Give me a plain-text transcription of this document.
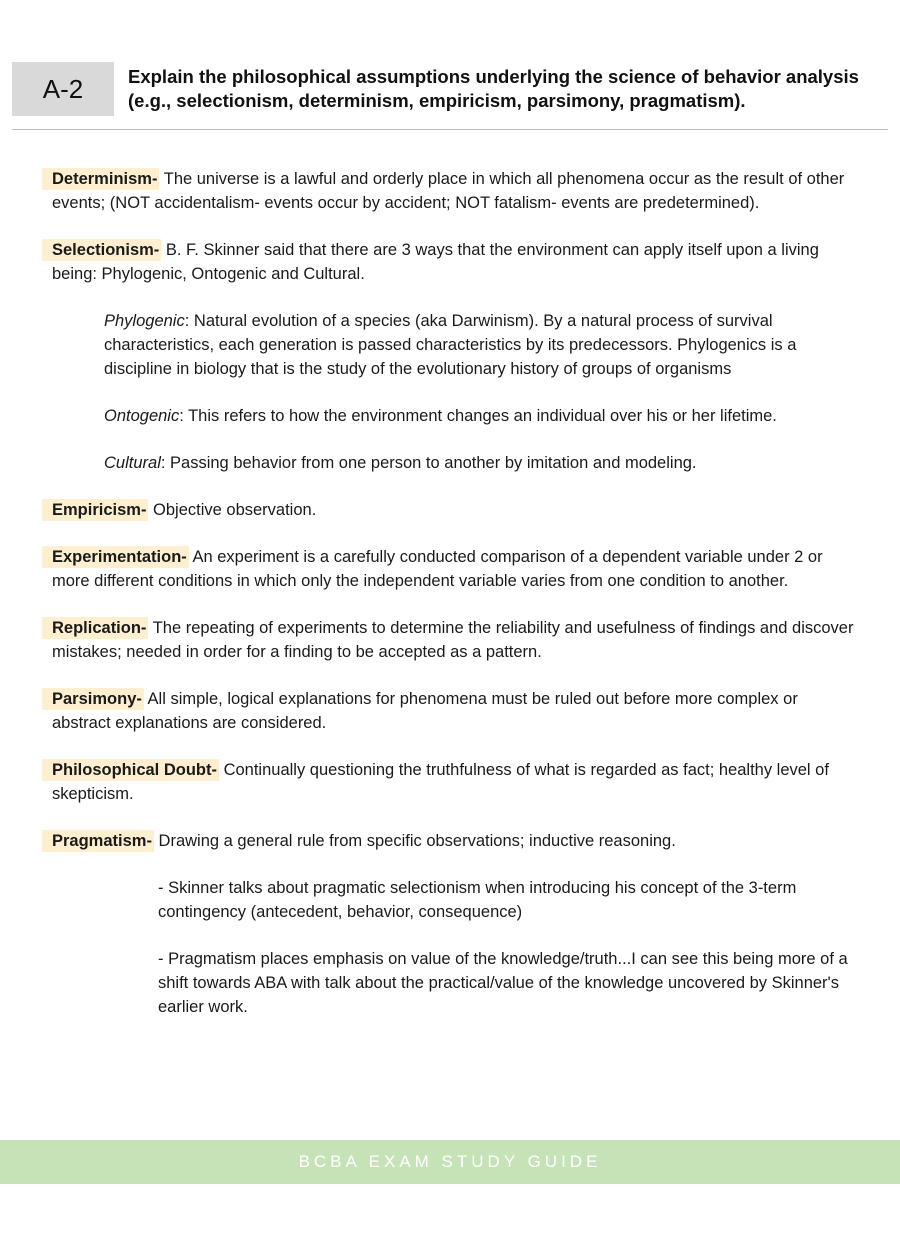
A-2 Explain the philosophical assumptions underlying the science of behavior analysis (e.g., selectionism, determinism, empiricism, parsimony, pragmatism).
Determinism- The universe is a lawful and orderly place in which all phenomena occur as the result of other events; (NOT accidentalism- events occur by accident; NOT fatalism- events are predetermined).
Selectionism- B. F. Skinner said that there are 3 ways that the environment can apply itself upon a living being: Phylogenic, Ontogenic and Cultural.
Phylogenic: Natural evolution of a species (aka Darwinism). By a natural process of survival characteristics, each generation is passed characteristics by its predecessors. Phylogenics is a discipline in biology that is the study of the evolutionary history of groups of organisms
Ontogenic: This refers to how the environment changes an individual over his or her lifetime.
Cultural: Passing behavior from one person to another by imitation and modeling.
Empiricism- Objective observation.
Experimentation- An experiment is a carefully conducted comparison of a dependent variable under 2 or more different conditions in which only the independent variable varies from one condition to another.
Replication- The repeating of experiments to determine the reliability and usefulness of findings and discover mistakes; needed in order for a finding to be accepted as a pattern.
Parsimony- All simple, logical explanations for phenomena must be ruled out before more complex or abstract explanations are considered.
Philosophical Doubt- Continually questioning the truthfulness of what is regarded as fact; healthy level of skepticism.
Pragmatism- Drawing a general rule from specific observations; inductive reasoning.
- Skinner talks about pragmatic selectionism when introducing his concept of the 3-term contingency (antecedent, behavior, consequence)
- Pragmatism places emphasis on value of the knowledge/truth...I can see this being more of a shift towards ABA with talk about the practical/value of the knowledge uncovered by Skinner's earlier work.
BCBA EXAM STUDY GUIDE
